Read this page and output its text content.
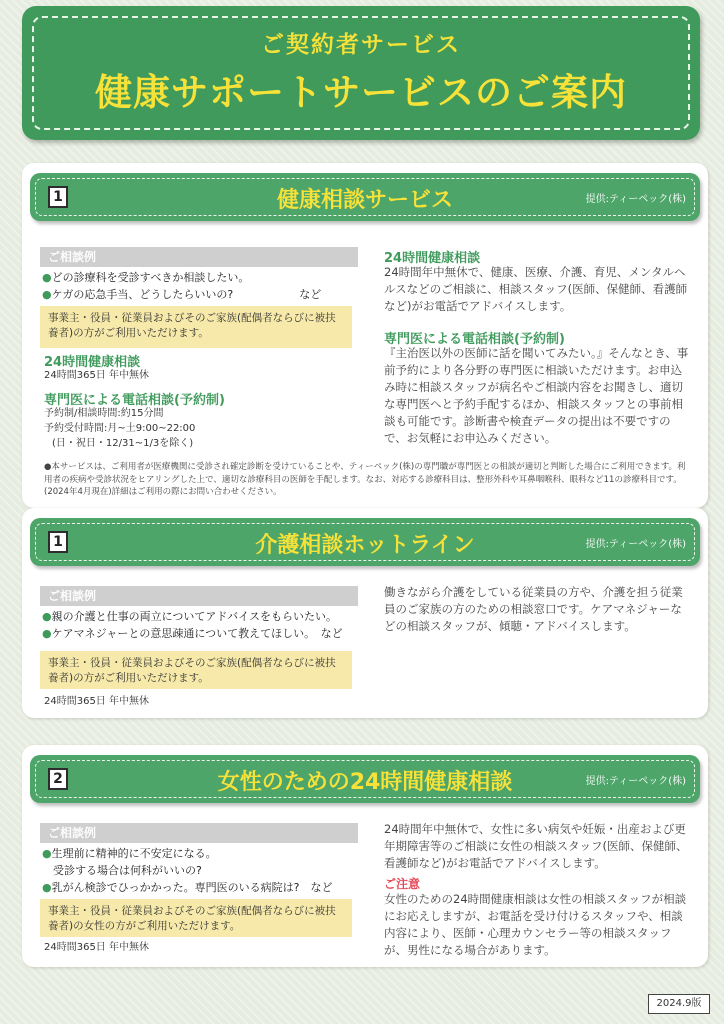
ご契約者サービス
健康サポートサービスのご案内
1	健康相談サービス	提供:ティーペック(株)
ご相談例
●どの診療科を受診すべきか相談したい。
●ケガの応急手当、どうしたらいいの?　　　　　　など
事業主・役員・従業員およびそのご家族(配偶者ならびに被扶養者)の方がご利用いただけます。
24時間健康相談
24時間365日 年中無休
専門医による電話相談(予約制)
予約制/相談時間:約15分間
予約受付時間:月~土9:00~22:00
(日・祝日・12/31~1/3を除く)
24時間健康相談
24時間年中無休で、健康、医療、介護、育児、メンタルヘルスなどのご相談に、相談スタッフ(医師、保健師、看護師など)がお電話でアドバイスします。
専門医による電話相談(予約制)
『主治医以外の医師に話を聞いてみたい。』そんなとき、事前予約により各分野の専門医に相談いただけます。お申込み時に相談スタッフが病名やご相談内容をお聞きし、適切な専門医へと予約手配するほか、相談スタッフとの事前相談も可能です。診断書や検査データの提出は不要ですので、お気軽にお申込みください。
●本サービスは、ご利用者が医療機関に受診され確定診断を受けていることや、ティーペック(株)の専門職が専門医との相談が適切と判断した場合にご利用できます。利用者の疾病や受診状況をヒアリングした上で、適切な診療科目の医師を手配します。なお、対応する診療科目は、整形外科や耳鼻咽喉科、眼科など11の診療科目です。(2024年4月現在)詳細はご利用の際にお問い合わせください。
1	介護相談ホットライン	提供:ティーペック(株)
ご相談例
●親の介護と仕事の両立についてアドバイスをもらいたい。
●ケアマネジャーとの意思疎通について教えてほしい。　など
事業主・役員・従業員およびそのご家族(配偶者ならびに被扶養者)の方がご利用いただけます。
24時間365日 年中無休
働きながら介護をしている従業員の方や、介護を担う従業員のご家族の方のための相談窓口です。ケアマネジャーなどの相談スタッフが、傾聴・アドバイスします。
2	女性のための24時間健康相談	提供:ティーペック(株)
ご相談例
●生理前に精神的に不安定になる。
受診する場合は何科がいいの?
●乳がん検診でひっかかった。専門医のいる病院は?　など
事業主・役員・従業員およびそのご家族(配偶者ならびに被扶養者)の女性の方がご利用いただけます。
24時間365日 年中無休
24時間年中無休で、女性に多い病気や妊娠・出産および更年期障害等のご相談に女性の相談スタッフ(医師、保健師、看護師など)がお電話でアドバイスします。
ご注意
女性のための24時間健康相談は女性の相談スタッフが相談にお応えしますが、お電話を受け付けるスタッフや、相談内容により、医師・心理カウンセラー等の相談スタッフが、男性になる場合があります。
2024.9版
